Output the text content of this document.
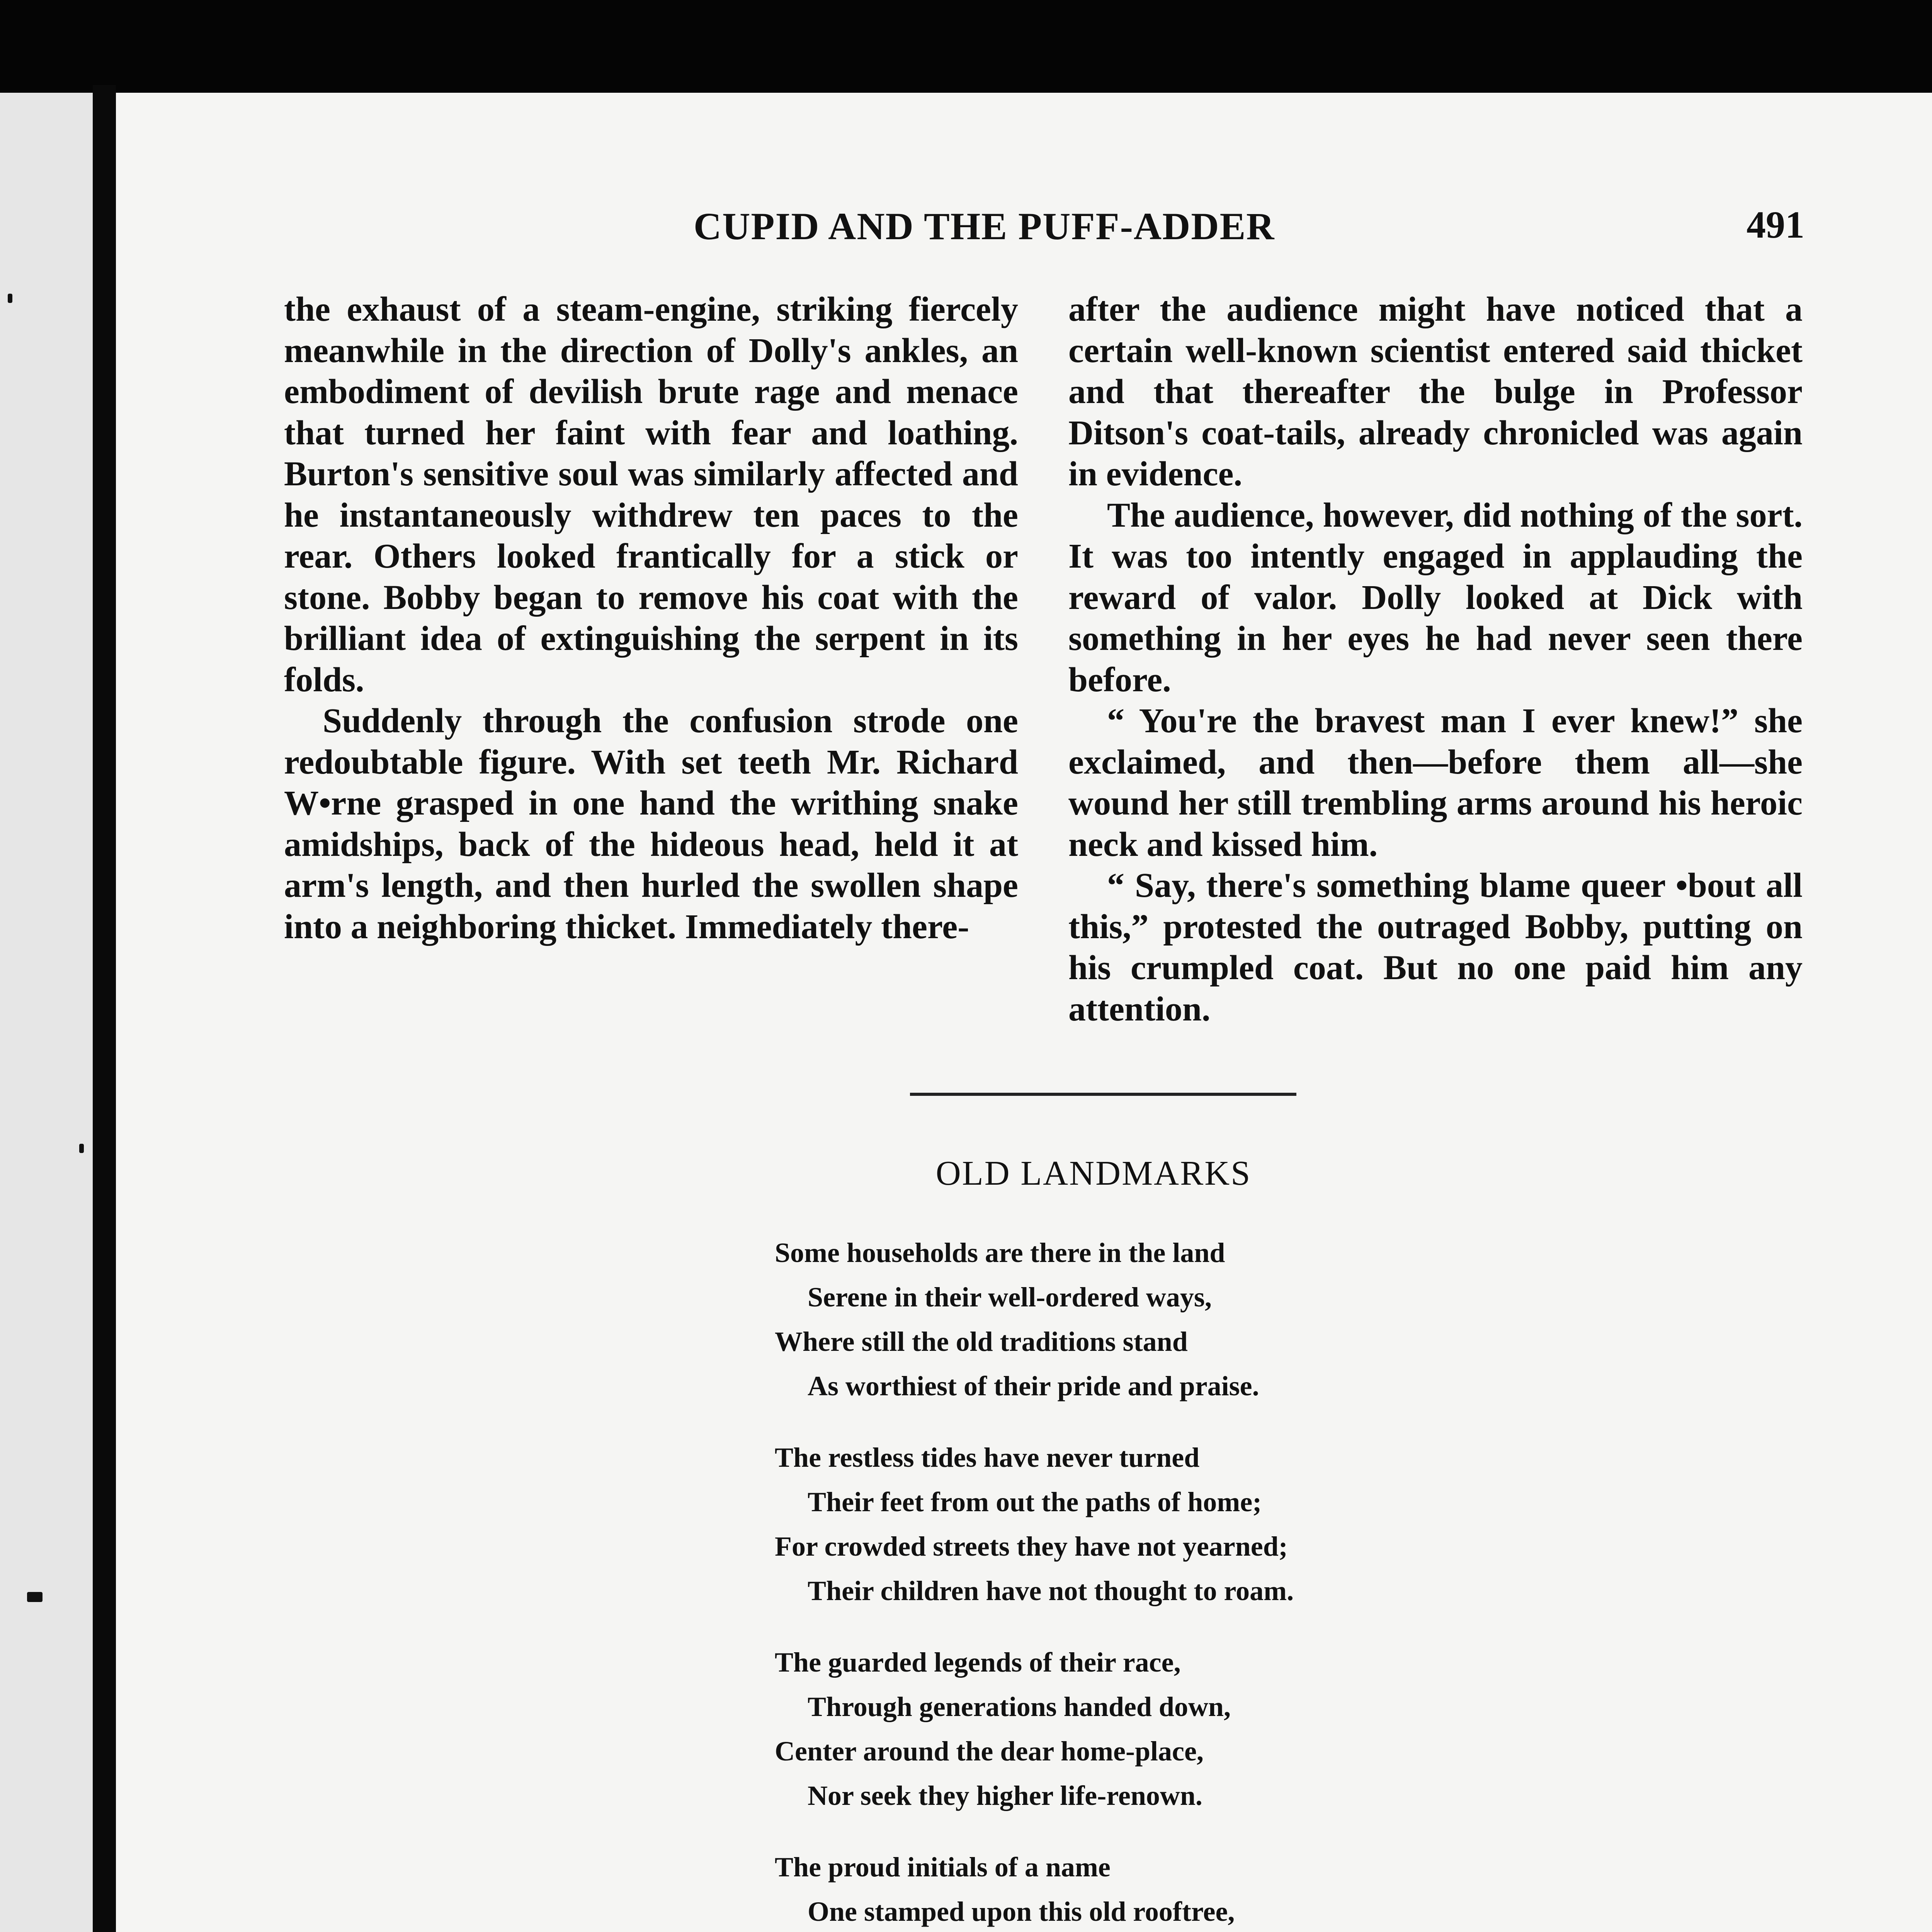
CUPID AND THE PUFF-ADDER	491

the exhaust of a steam-engine, striking fiercely meanwhile in the direction of Dolly's ankles, an embodiment of devilish brute rage and menace that turned her faint with fear and loathing. Burton's sensitive soul was similarly affected and he instantaneously withdrew ten paces to the rear. Others looked frantically for a stick or stone. Bobby began to remove his coat with the brilliant idea of extinguishing the serpent in its folds.

Suddenly through the confusion strode one redoubtable figure. With set teeth Mr. Richard W•rne grasped in one hand the writhing snake amidships, back of the hideous head, held it at arm's length, and then hurled the swollen shape into a neighboring thicket. Immediately there-

after the audience might have noticed that a certain well-known scientist entered said thicket and that thereafter the bulge in Professor Ditson's coat-tails, already chronicled was again in evidence.

The audience, however, did nothing of the sort. It was too intently engaged in applauding the reward of valor. Dolly looked at Dick with something in her eyes he had never seen there before.

“ You're the bravest man I ever knew!” she exclaimed, and then—before them all—she wound her still trembling arms around his heroic neck and kissed him.

“ Say, there's something blame queer •bout all this,” protested the outraged Bobby, putting on his crumpled coat. But no one paid him any attention.

OLD LANDMARKS
Some households are there in the land
Serene in their well-ordered ways,
Where still the old traditions stand
As worthiest of their pride and praise.
The restless tides have never turned
Their feet from out the paths of home;
For crowded streets they have not yearned;
Their children have not thought to roam.
The guarded legends of their race,
Through generations handed down,
Center around the dear home-place,
Nor seek they higher life-renown.
The proud initials of a name
One stamped upon this old rooftree,
